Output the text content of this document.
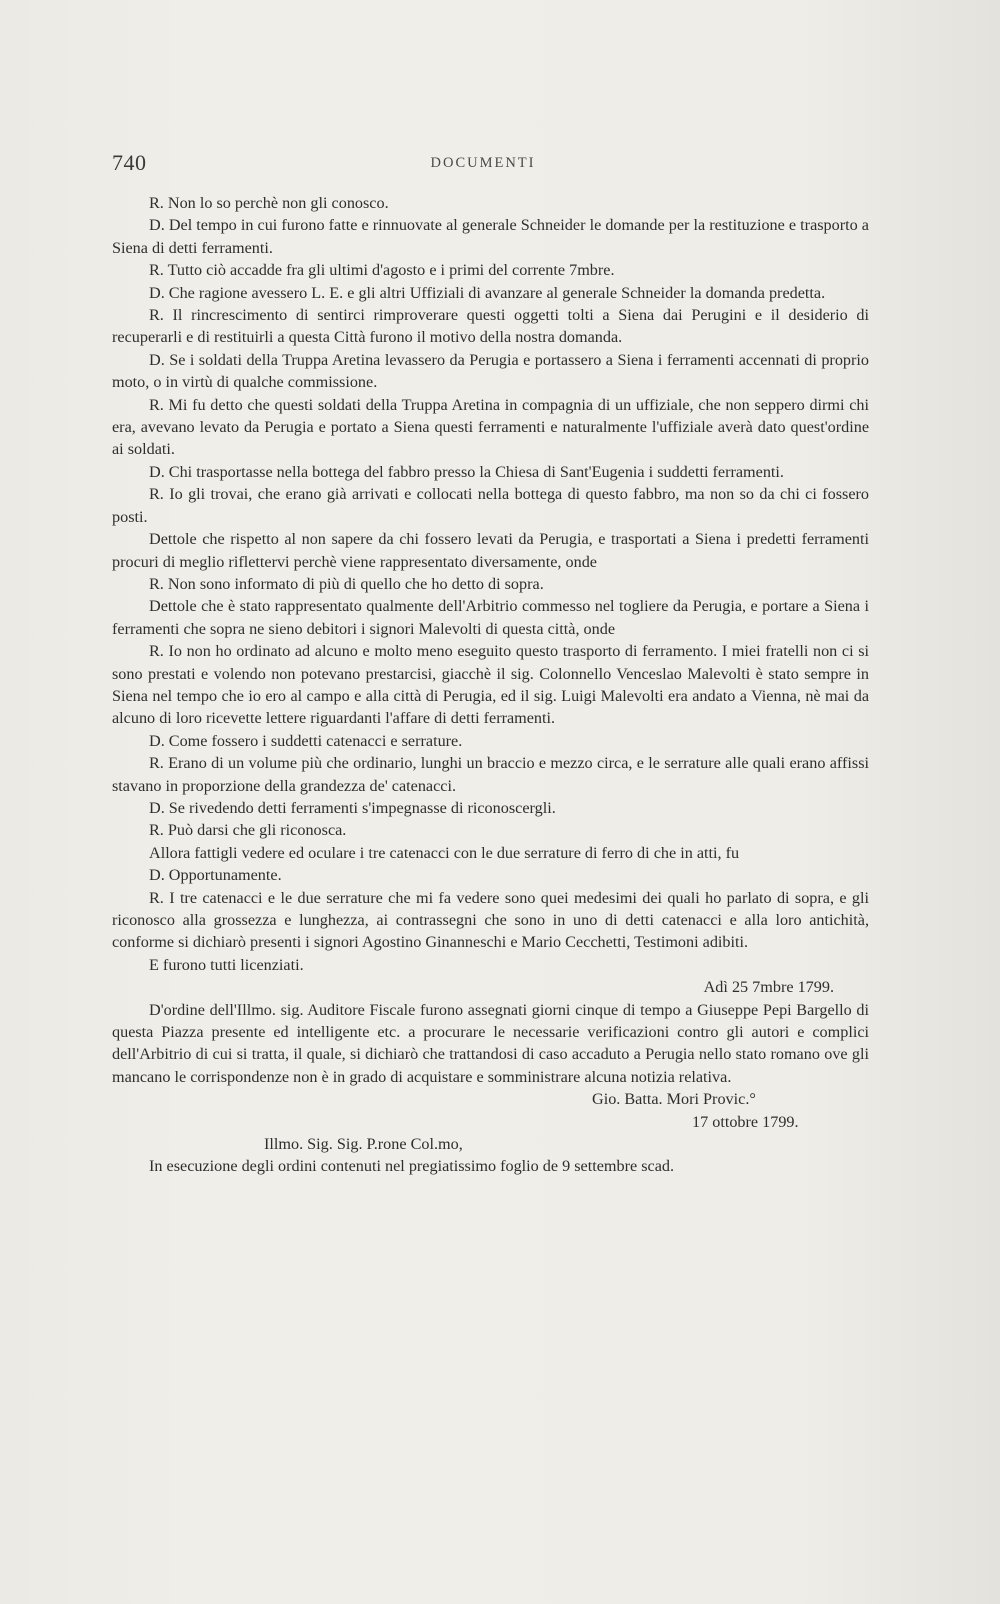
740	DOCUMENTI

R. Non lo so perchè non gli conosco.

D. Del tempo in cui furono fatte e rinnuovate al generale Schneider le domande per la restituzione e trasporto a Siena di detti ferramenti.

R. Tutto ciò accadde fra gli ultimi d'agosto e i primi del corrente 7mbre.

D. Che ragione avessero L. E. e gli altri Uffiziali di avanzare al generale Schneider la domanda predetta.

R. Il rincrescimento di sentirci rimproverare questi oggetti tolti a Siena dai Perugini e il desiderio di recuperarli e di restituirli a questa Città furono il motivo della nostra domanda.

D. Se i soldati della Truppa Aretina levassero da Perugia e portassero a Siena i ferramenti accennati di proprio moto, o in virtù di qualche commissione.

R. Mi fu detto che questi soldati della Truppa Aretina in compagnia di un uffiziale, che non seppero dirmi chi era, avevano levato da Perugia e portato a Siena questi ferramenti e naturalmente l'uffiziale averà dato quest'ordine ai soldati.

D. Chi trasportasse nella bottega del fabbro presso la Chiesa di Sant'Eugenia i suddetti ferramenti.

R. Io gli trovai, che erano già arrivati e collocati nella bottega di questo fabbro, ma non so da chi ci fossero posti.

Dettole che rispetto al non sapere da chi fossero levati da Perugia, e trasportati a Siena i predetti ferramenti procuri di meglio riflettervi perchè viene rappresentato diversamente, onde

R. Non sono informato di più di quello che ho detto di sopra.

Dettole che è stato rappresentato qualmente dell'Arbitrio commesso nel togliere da Perugia, e portare a Siena i ferramenti che sopra ne sieno debitori i signori Malevolti di questa città, onde

R. Io non ho ordinato ad alcuno e molto meno eseguito questo trasporto di ferramento. I miei fratelli non ci si sono prestati e volendo non potevano prestarcisi, giacchè il sig. Colonnello Venceslao Malevolti è stato sempre in Siena nel tempo che io ero al campo e alla città di Perugia, ed il sig. Luigi Malevolti era andato a Vienna, nè mai da alcuno di loro ricevette lettere riguardanti l'affare di detti ferramenti.

D. Come fossero i suddetti catenacci e serrature.

R. Erano di un volume più che ordinario, lunghi un braccio e mezzo circa, e le serrature alle quali erano affissi stavano in proporzione della grandezza de' catenacci.

D. Se rivedendo detti ferramenti s'impegnasse di riconoscergli.

R. Può darsi che gli riconosca.

Allora fattigli vedere ed oculare i tre catenacci con le due serrature di ferro di che in atti, fu

D. Opportunamente.

R. I tre catenacci e le due serrature che mi fa vedere sono quei medesimi dei quali ho parlato di sopra, e gli riconosco alla grossezza e lunghezza, ai contrassegni che sono in uno di detti catenacci e alla loro antichità, conforme si dichiarò presenti i signori Agostino Ginanneschi e Mario Cecchetti, Testimoni adibiti.

E furono tutti licenziati.

Adì 25 7mbre 1799.

D'ordine dell'Illmo. sig. Auditore Fiscale furono assegnati giorni cinque di tempo a Giuseppe Pepi Bargello di questa Piazza presente ed intelligente etc. a procurare le necessarie verificazioni contro gli autori e complici dell'Arbitrio di cui si tratta, il quale, si dichiarò che trattandosi di caso accaduto a Perugia nello stato romano ove gli mancano le corrispondenze non è in grado di acquistare e somministrare alcuna notizia relativa.

Gio. Batta. Mori Provic.°

17 ottobre 1799.

Illmo. Sig. Sig. P.rone Col.mo,

In esecuzione degli ordini contenuti nel pregiatissimo foglio de 9 settembre scad.
